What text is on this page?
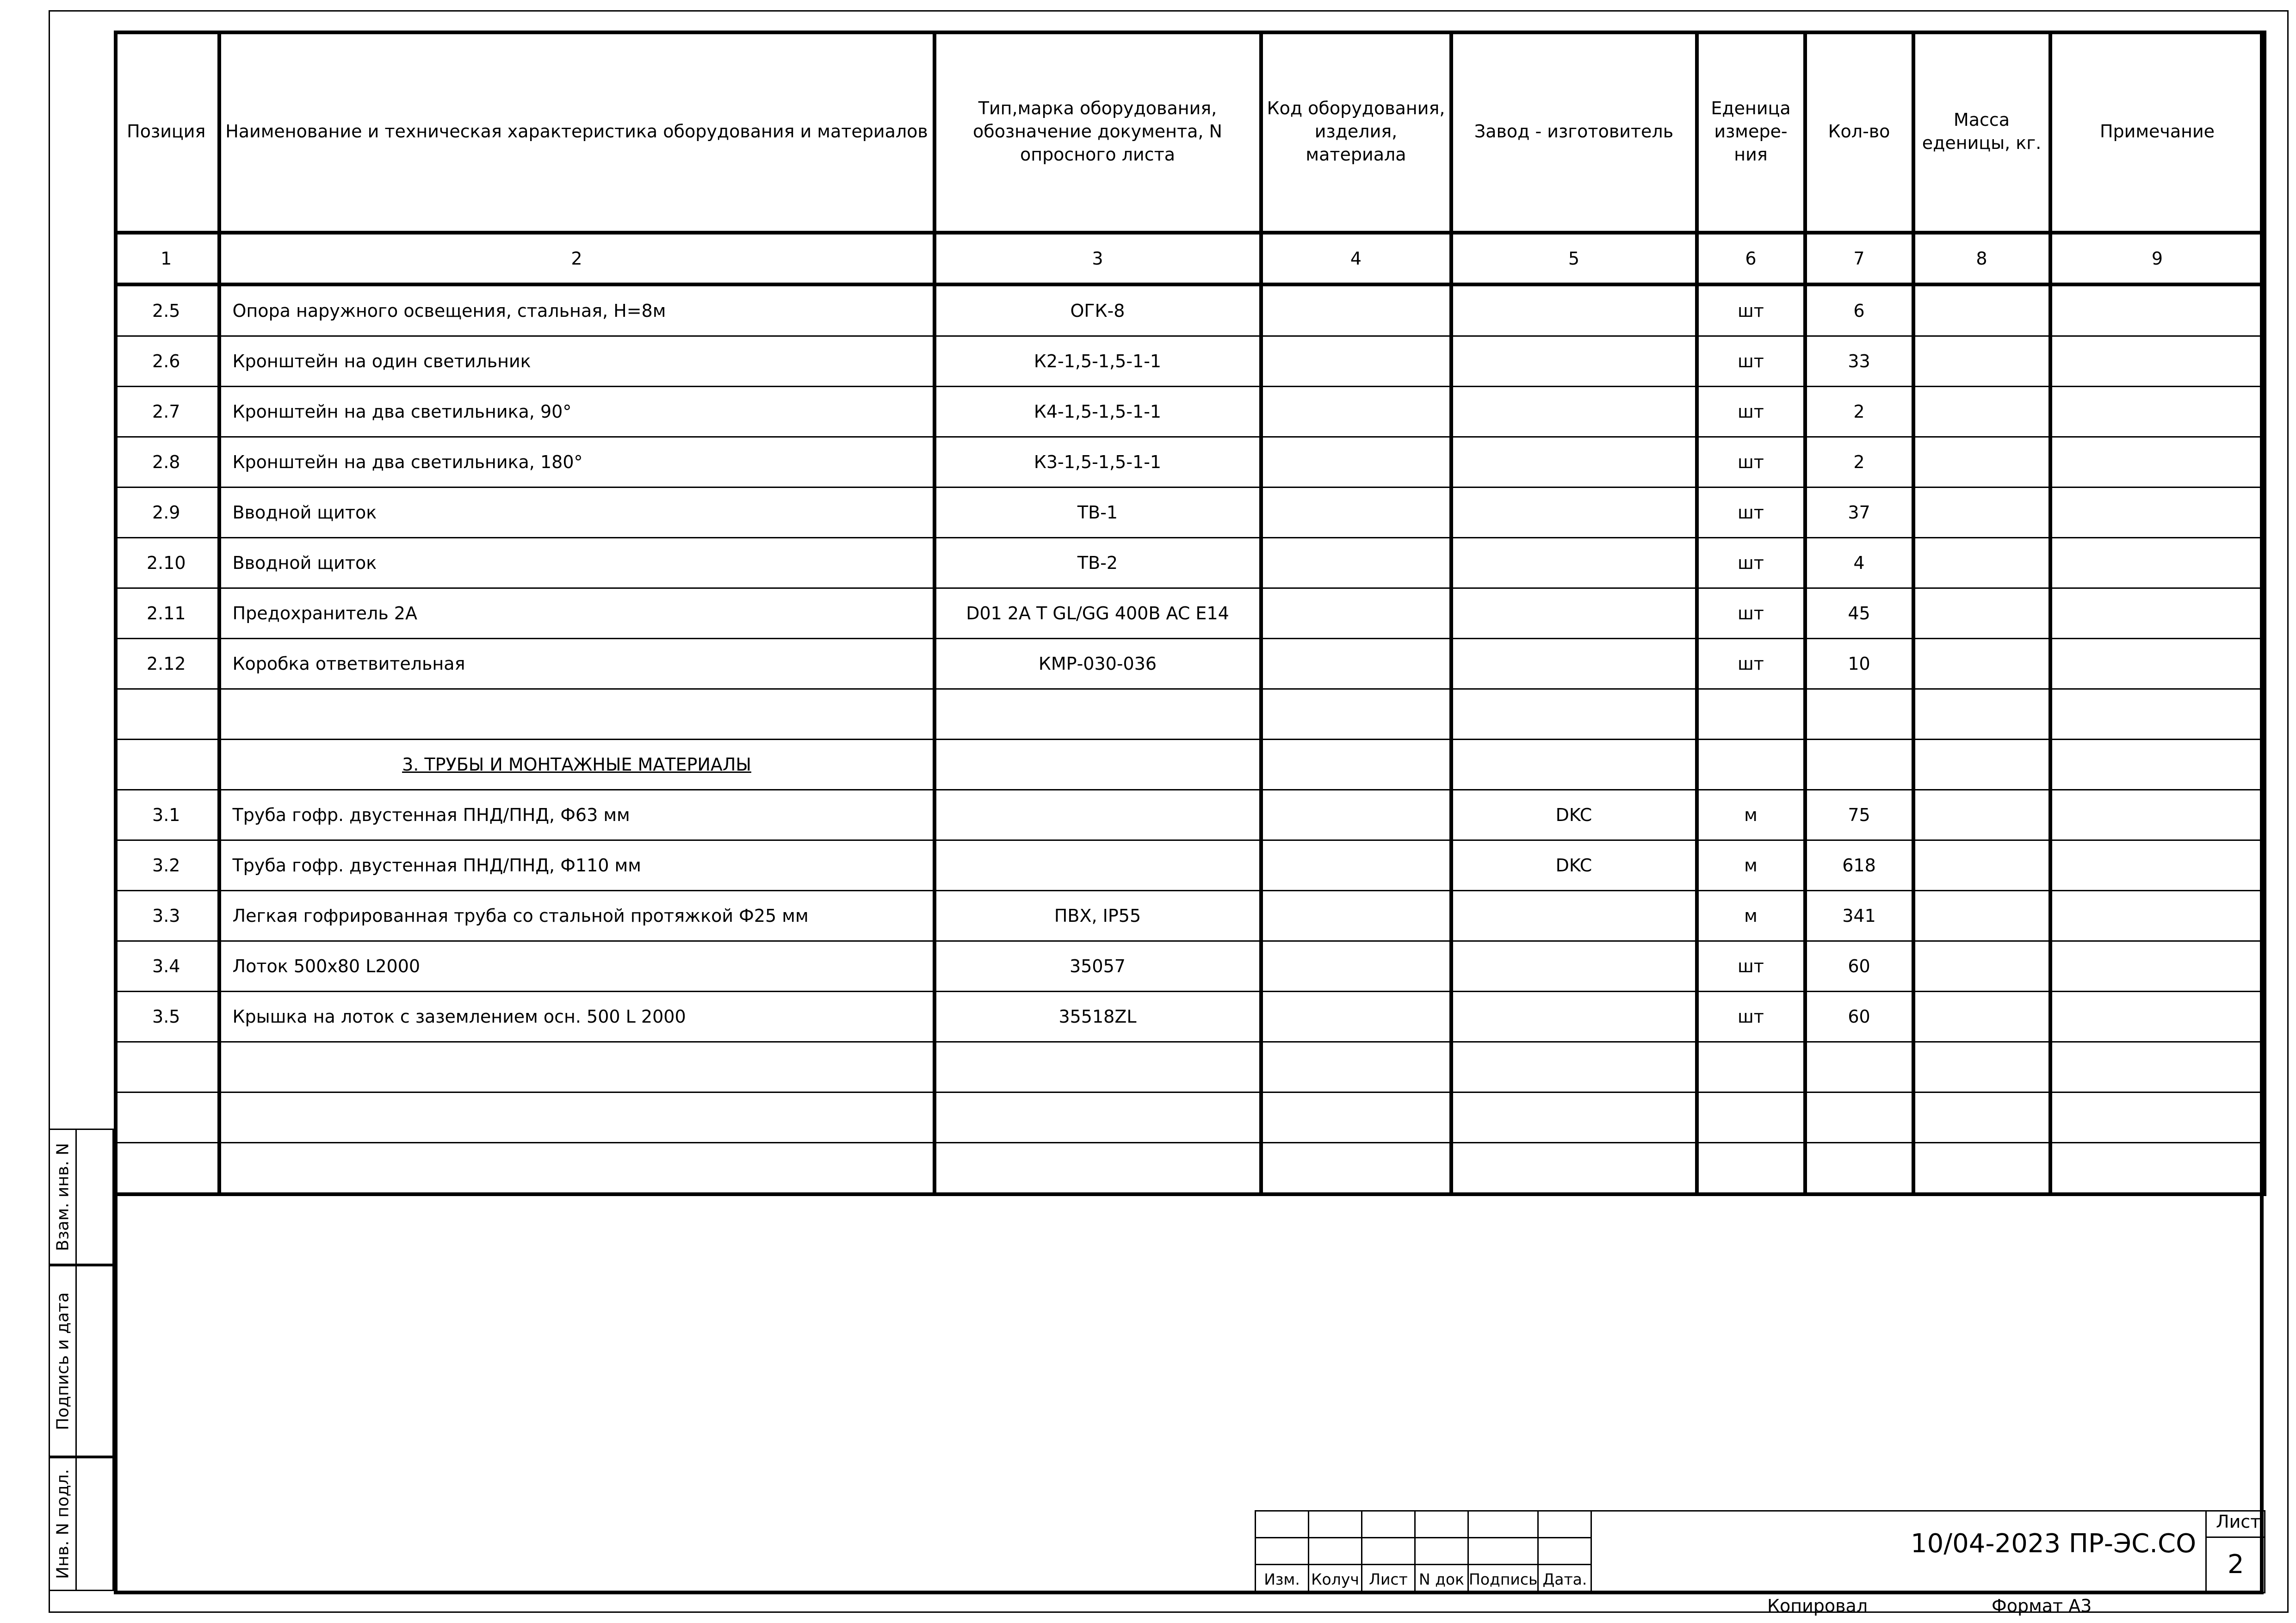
Позиция	Наименование и техническая характеристика оборудования и материалов	Тип,марка оборудования, обозначение документа, N опросного листа	Код оборудования, изделия, материала	Завод - изготовитель	Еденица измере- ния	Кол-во	Масса еденицы, кг.	Примечание
1	2	3	4	5	6	7	8	9
2.5	Опора наружного освещения, стальная, Н=8м	ОГК-8			шт	6		
2.6	Кронштейн на один светильник	К2-1,5-1,5-1-1			шт	33		
2.7	Кронштейн на два светильника, 90°	К4-1,5-1,5-1-1			шт	2		
2.8	Кронштейн на два светильника, 180°	К3-1,5-1,5-1-1			шт	2		
2.9	Вводной щиток	ТВ-1			шт	37		
2.10	Вводной щиток	ТВ-2			шт	4		
2.11	Предохранитель 2А	D01 2A T GL/GG 400В AC E14			шт	45		
2.12	Коробка ответвительная	КМР-030-036			шт	10		

	3. ТРУБЫ И МОНТАЖНЫЕ МАТЕРИАЛЫ							
3.1	Труба гофр. двустенная ПНД/ПНД, Ф63 мм			DKC	м	75		
3.2	Труба гофр. двустенная ПНД/ПНД, Ф110 мм			DKC	м	618		
3.3	Легкая гофрированная труба со стальной протяжкой Ф25 мм	ПВХ, IP55			м	341		
3.4	Лоток 500х80 L2000	35057			шт	60		
3.5	Крышка на лоток с заземлением осн. 500 L 2000	35518ZL			шт	60		

Взам. инв. N
Подпись и дата
Инв. N подл.

Изм.	Колуч	Лист	N док	Подпись	Дата.
10/04-2023 ПР-ЭС.СО
Лист
2
Копировал	Формат А3
